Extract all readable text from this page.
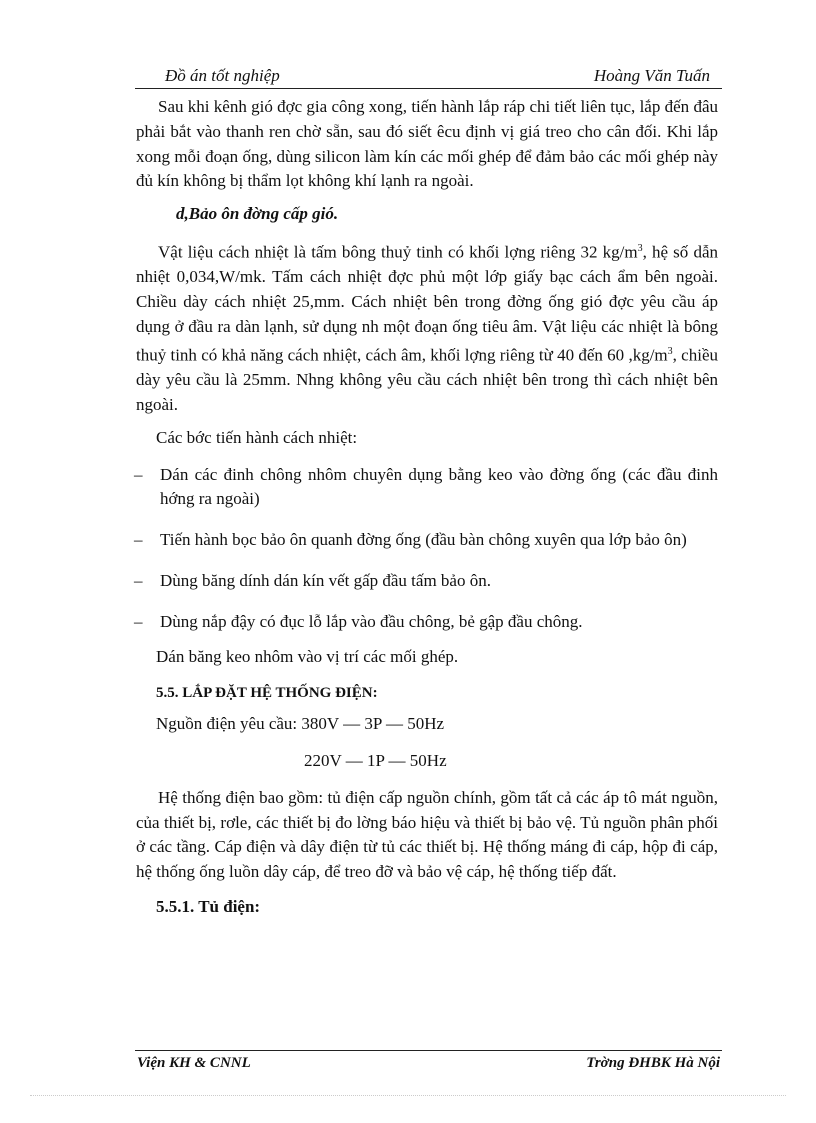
Đồ án tốt nghiệp	Hoàng Văn Tuấn

Sau khi kênh gió đợc gia công xong, tiến hành lắp ráp chi tiết liên tục, lắp đến đâu phải bắt vào thanh ren chờ sẵn, sau đó siết êcu định vị giá treo cho cân đối. Khi lắp xong mỗi đoạn ống, dùng silicon làm kín các mối ghép để đảm bảo các mối ghép này đủ kín không bị thẩm lọt không khí lạnh ra ngoài.

d,Bảo ôn đờng cấp gió.

Vật liệu cách nhiệt là tấm bông thuỷ tinh có khối lợng riêng 32 $kg/m^3$, hệ số dẫn nhiệt 0,034,W/mk. Tấm cách nhiệt đợc phủ một lớp giấy bạc cách ẩm bên ngoài. Chiều dày cách nhiệt 25,mm. Cách nhiệt bên trong đờng ống gió đợc yêu cầu áp dụng ở đầu ra dàn lạnh, sử dụng nh một đoạn ống tiêu âm. Vật liệu các nhiệt là bông thuỷ tinh có khả năng cách nhiệt, cách âm, khối lợng riêng từ 40 đến 60 $,kg/m^3$, chiều dày yêu cầu là 25mm. Nhng không yêu cầu cách nhiệt bên trong thì cách nhiệt bên ngoài.

Các bớc tiến hành cách nhiệt:

– Dán các đinh chông nhôm chuyên dụng bằng keo vào đờng ống (các đầu đinh hớng ra ngoài)
– Tiến hành bọc bảo ôn quanh đờng ống (đầu bàn chông xuyên qua lớp bảo ôn)
– Dùng băng dính dán kín vết gấp đầu tấm bảo ôn.
– Dùng nắp đậy có đục lỗ lắp vào đầu chông, bẻ gập đầu chông.

Dán băng keo nhôm vào vị trí các mối ghép.

5.5. LẮP ĐẶT HỆ THỐNG ĐIỆN:

Nguồn điện yêu cầu: 380V — 3P — 50Hz

220V — 1P — 50Hz

Hệ thống điện bao gồm: tủ điện cấp nguồn chính, gồm tất cả các áp tô mát nguồn, của thiết bị, rơle, các thiết bị đo lờng báo hiệu và thiết bị bảo vệ. Tủ nguồn phân phối ở các tầng. Cáp điện và dây điện từ tủ các thiết bị. Hệ thống máng đi cáp, hộp đi cáp, hệ thống ống luồn dây cáp, để treo đỡ và bảo vệ cáp, hệ thống tiếp đất.

5.5.1. Tủ điện:

Viện KH & CNNL	Trờng ĐHBK Hà Nội
